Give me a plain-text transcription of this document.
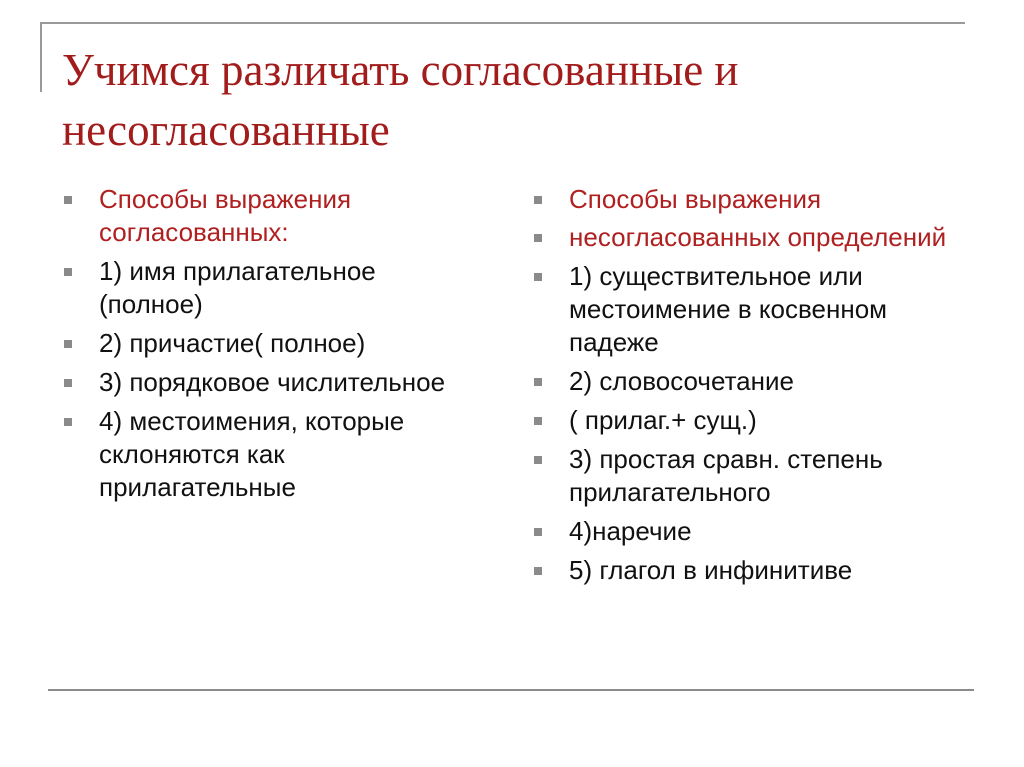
Учимся различать согласованные и несогласованные
Способы выражения согласованных:
1) имя прилагательное (полное)
2) причастие( полное)
3) порядковое числительное
4) местоимения, которые склоняются как прилагательные
Способы выражения
несогласованных определений
1) существительное или местоимение в косвенном падеже
2) словосочетание
( прилаг.+ сущ.)
3) простая сравн. степень прилагательного
4)наречие
5) глагол в инфинитиве
